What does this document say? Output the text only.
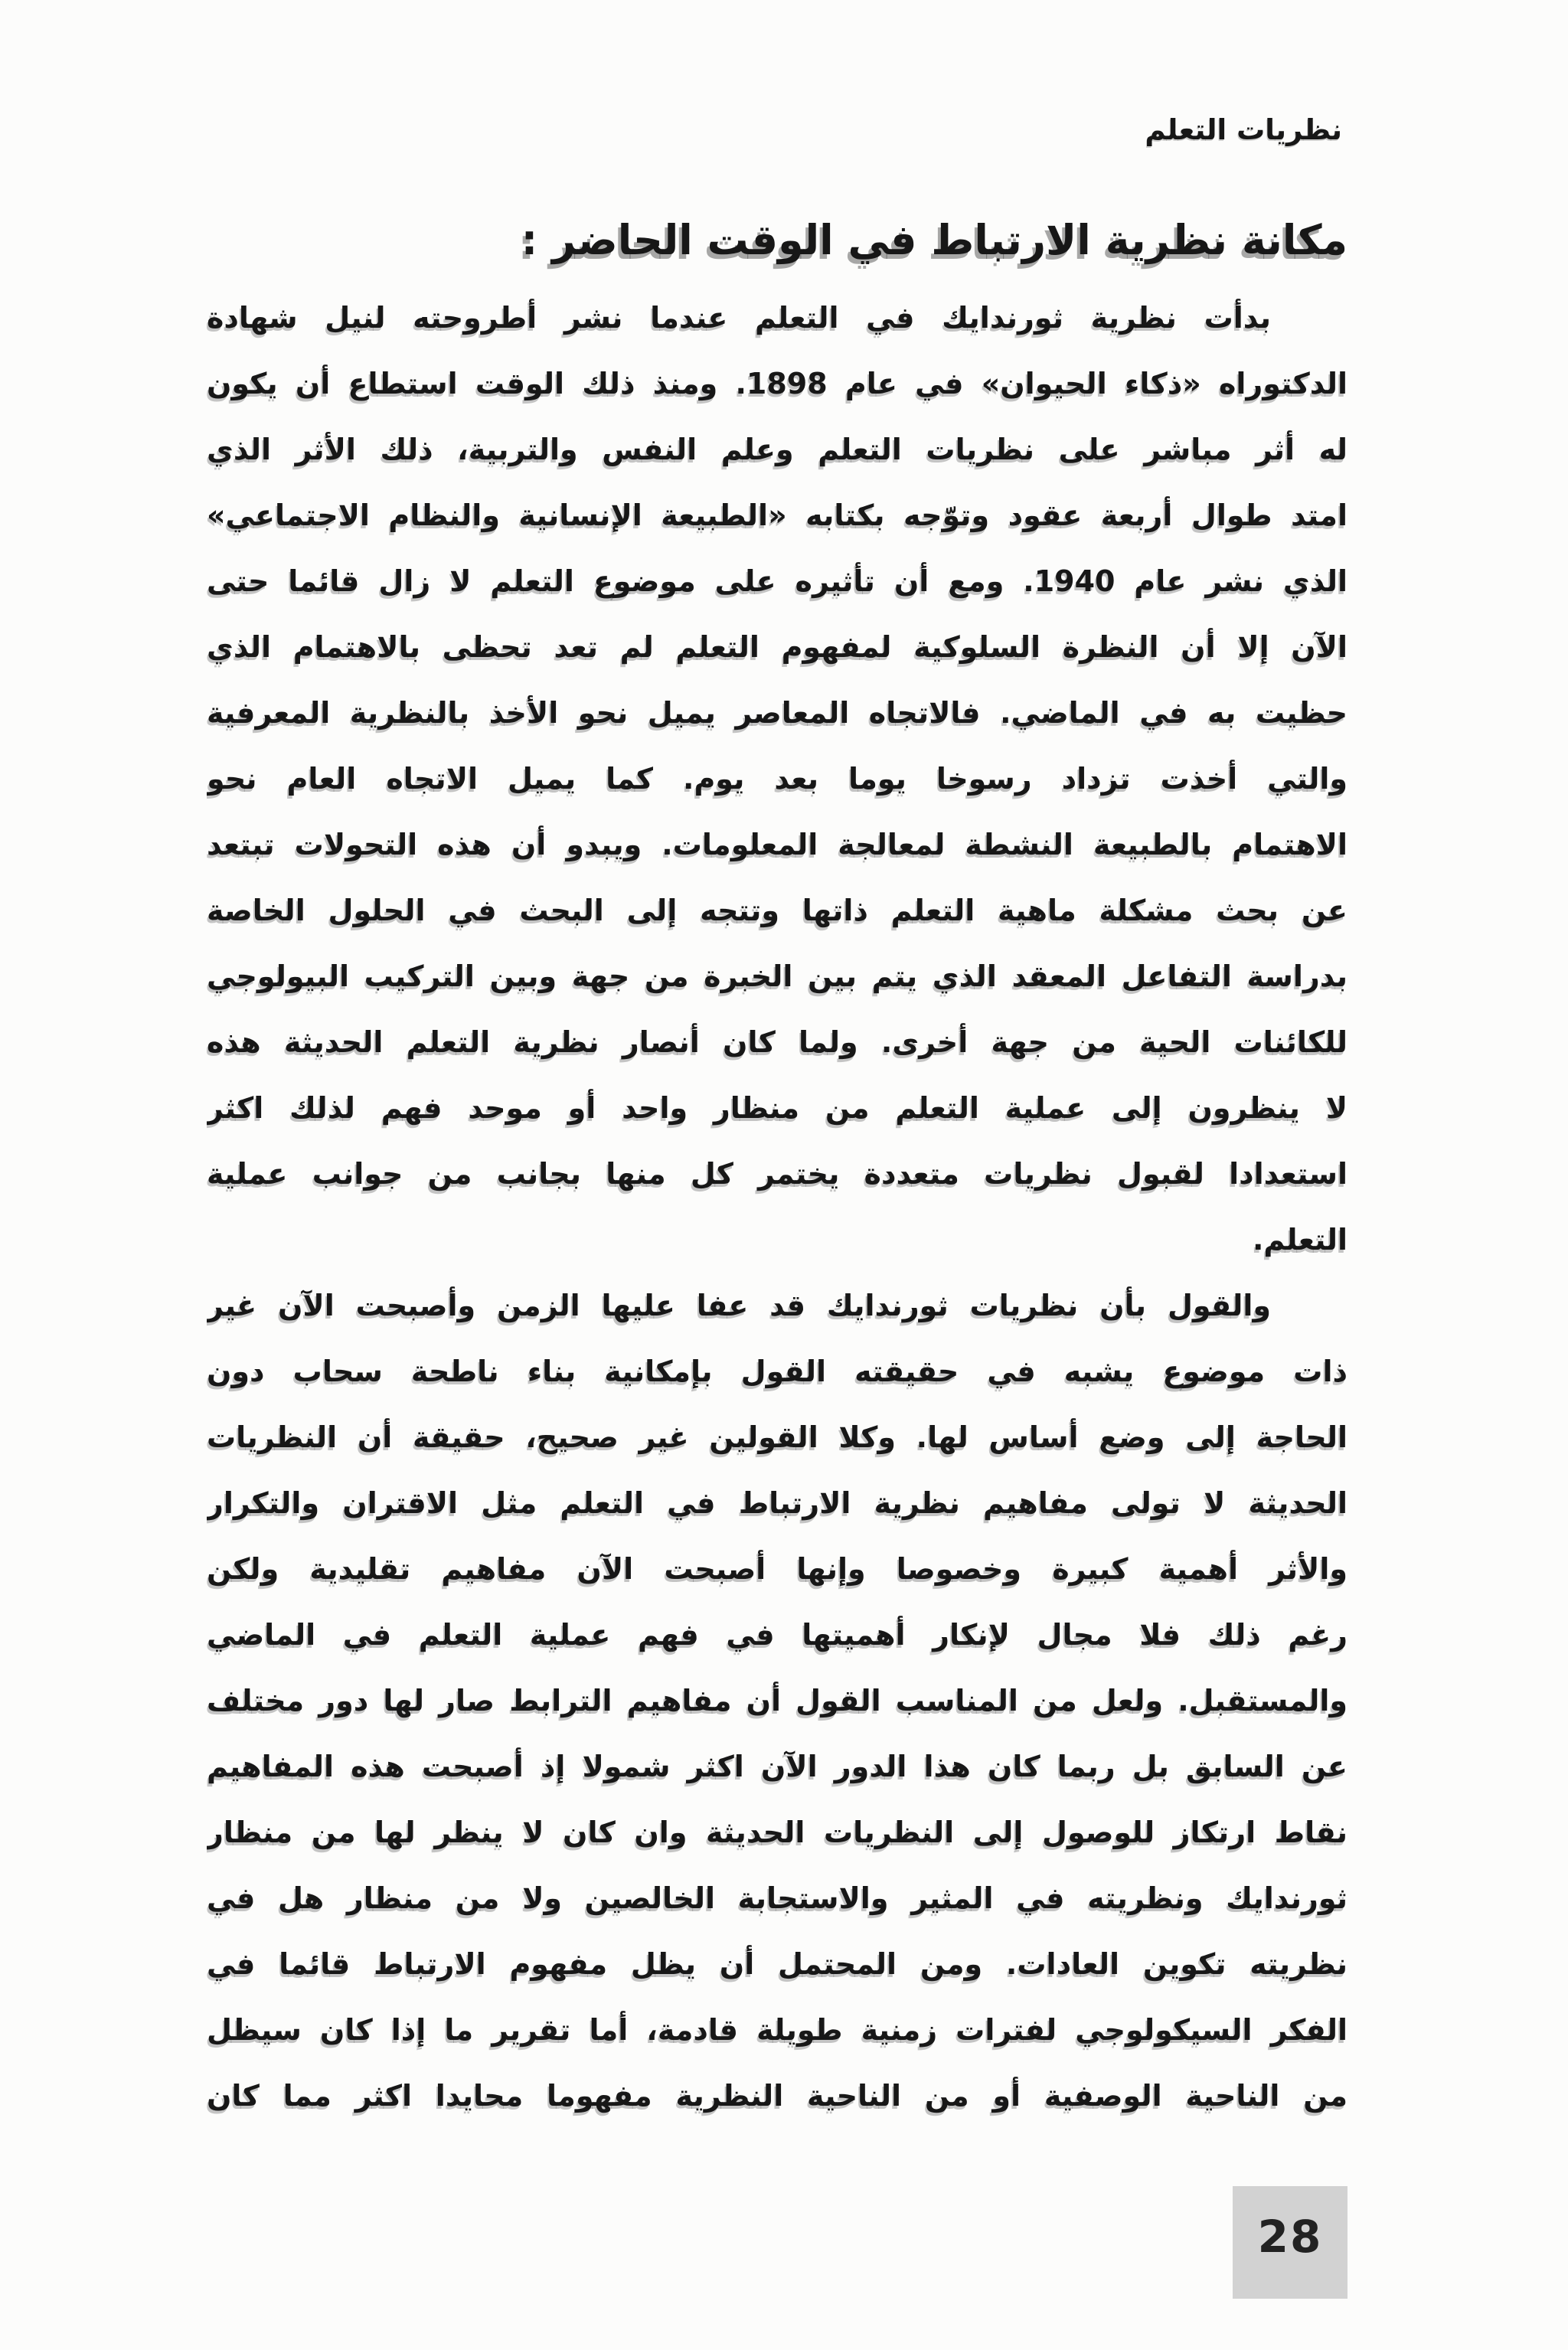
نظريات التعلم
مكانة نظرية الارتباط في الوقت الحاضر :
بدأت نظرية ثورندايك في التعلم عندما نشر أطروحته لنيل شهادة
الدكتوراه «ذكاء الحيوان» في عام 1898. ومنذ ذلك الوقت استطاع أن يكون
له أثر مباشر على نظريات التعلم وعلم النفس والتربية، ذلك الأثر الذي
امتد طوال أربعة عقود وتوّجه بكتابه «الطبيعة الإنسانية والنظام الاجتماعي»
الذي نشر عام 1940. ومع أن تأثيره على موضوع التعلم لا زال قائما حتى
الآن إلا أن النظرة السلوكية لمفهوم التعلم لم تعد تحظى بالاهتمام الذي
حظيت به في الماضي. فالاتجاه المعاصر يميل نحو الأخذ بالنظرية المعرفية
والتي أخذت تزداد رسوخا يوما بعد يوم. كما يميل الاتجاه العام نحو
الاهتمام بالطبيعة النشطة لمعالجة المعلومات. ويبدو أن هذه التحولات تبتعد
عن بحث مشكلة ماهية التعلم ذاتها وتتجه إلى البحث في الحلول الخاصة
بدراسة التفاعل المعقد الذي يتم بين الخبرة من جهة وبين التركيب البيولوجي
للكائنات الحية من جهة أخرى. ولما كان أنصار نظرية التعلم الحديثة هذه
لا ينظرون إلى عملية التعلم من منظار واحد أو موحد فهم لذلك اكثر
استعدادا لقبول نظريات متعددة يختمر كل منها بجانب من جوانب عملية
التعلم.
والقول بأن نظريات ثورندايك قد عفا عليها الزمن وأصبحت الآن غير
ذات موضوع يشبه في حقيقته القول بإمكانية بناء ناطحة سحاب دون
الحاجة إلى وضع أساس لها. وكلا القولين غير صحيح، حقيقة أن النظريات
الحديثة لا تولى مفاهيم نظرية الارتباط في التعلم مثل الاقتران والتكرار
والأثر أهمية كبيرة وخصوصا وإنها أصبحت الآن مفاهيم تقليدية ولكن
رغم ذلك فلا مجال لإنكار أهميتها في فهم عملية التعلم في الماضي
والمستقبل. ولعل من المناسب القول أن مفاهيم الترابط صار لها دور مختلف
عن السابق بل ربما كان هذا الدور الآن اكثر شمولا إذ أصبحت هذه المفاهيم
نقاط ارتكاز للوصول إلى النظريات الحديثة وان كان لا ينظر لها من منظار
ثورندايك ونظريته في المثير والاستجابة الخالصين ولا من منظار هل في
نظريته تكوين العادات. ومن المحتمل أن يظل مفهوم الارتباط قائما في
الفكر السيكولوجي لفترات زمنية طويلة قادمة، أما تقرير ما إذا كان سيظل
من الناحية الوصفية أو من الناحية النظرية مفهوما محايدا اكثر مما كان
28
